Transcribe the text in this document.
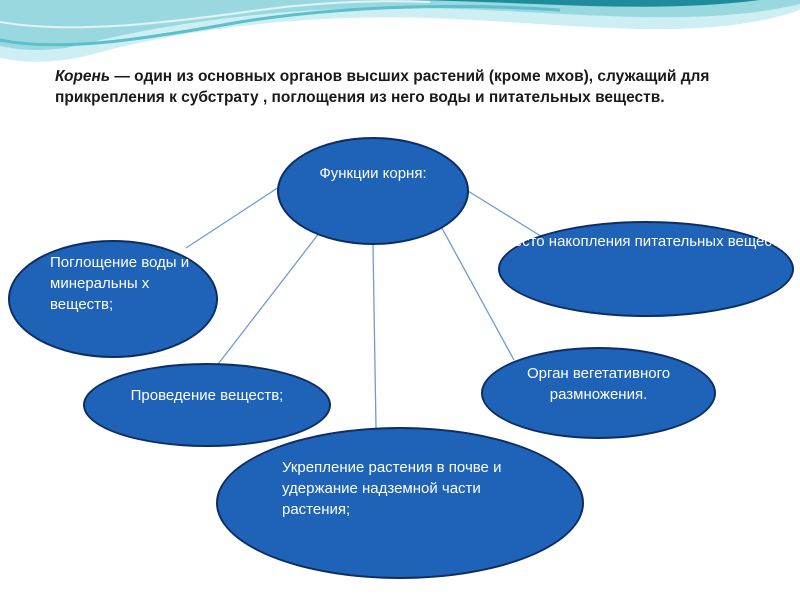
Корень — один из основных органов высших растений (кроме мхов), служащий для прикрепления к субстрату , поглощения из него воды и питательных веществ.
Функции корня:
Поглощение воды и минеральны х веществ;
Место накопления питательных веществ;
Проведение веществ;
Орган вегетативного размножения.
Укрепление растения в почве и удержание надземной части растения;
